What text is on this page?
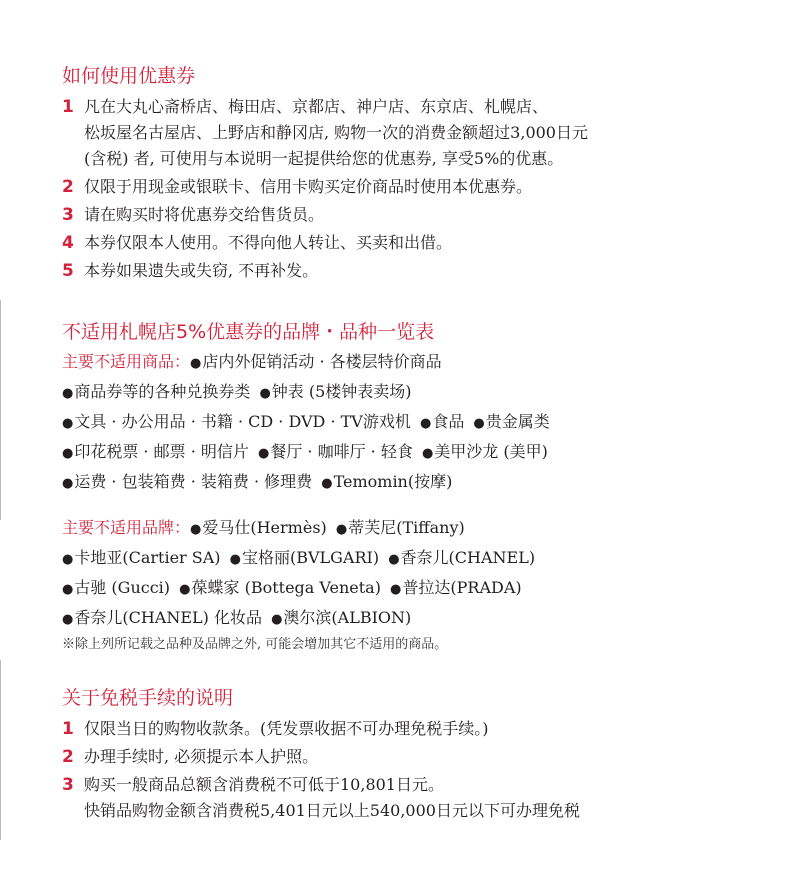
如何使用优惠券
1 凡在大丸心斋桥店、梅田店、京都店、神户店、东京店、札幌店、
松坂屋名古屋店、上野店和静冈店, 购物一次的消费金额超过3,000日元
(含税) 者, 可使用与本说明一起提供给您的优惠券, 享受5%的优惠。
2 仅限于用现金或银联卡、信用卡购买定价商品时使用本优惠券。
3 请在购买时将优惠券交给售货员。
4 本券仅限本人使用。不得向他人转让、买卖和出借。
5 本券如果遗失或失窃, 不再补发。
不适用札幌店5%优惠券的品牌・品种一览表
主要不适用商品：●店内外促销活动 · 各楼层特价商品
●商品券等的各种兑换券类 ●钟表 (5楼钟表卖场)
●文具 · 办公用品 · 书籍 · CD · DVD · TV游戏机 ●食品 ●贵金属类
●印花税票 · 邮票 · 明信片 ●餐厅 · 咖啡厅 · 轻食 ●美甲沙龙 (美甲)
●运费 · 包装箱费 · 装箱费 · 修理费 ●Temomin(按摩)
主要不适用品牌：●爱马仕(Hermès) ●蒂芙尼(Tiffany)
●卡地亚(Cartier SA) ●宝格丽(BVLGARI) ●香奈儿(CHANEL)
●古驰 (Gucci) ●葆蝶家 (Bottega Veneta) ●普拉达(PRADA)
●香奈儿(CHANEL) 化妆品 ●澳尔滨(ALBION)
※除上列所记载之品种及品牌之外, 可能会增加其它不适用的商品。
关于免税手续的说明
1 仅限当日的购物收款条。(凭发票收据不可办理免税手续。)
2 办理手续时, 必须提示本人护照。
3 购买一般商品总额含消费税不可低于10,801日元。
快销品购物金额含消费税5,401日元以上540,000日元以下可办理免税
